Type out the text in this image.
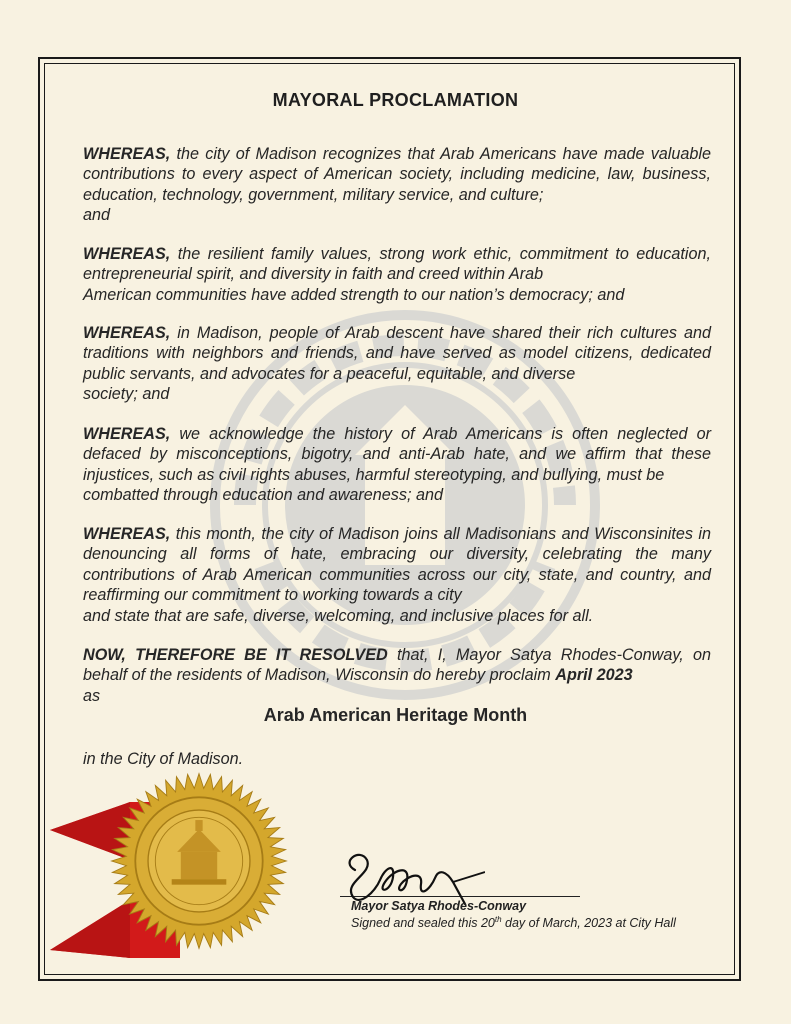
MAYORAL PROCLAMATION
WHEREAS, the city of Madison recognizes that Arab Americans have made valuable contributions to every aspect of American society, including medicine, law, business, education, technology, government, military service, and culture;
and
WHEREAS, the resilient family values, strong work ethic, commitment to education, entrepreneurial spirit, and diversity in faith and creed within Arab
American communities have added strength to our nation’s democracy; and
WHEREAS, in Madison, people of Arab descent have shared their rich cultures and traditions with neighbors and friends, and have served as model citizens, dedicated public servants, and advocates for a peaceful, equitable, and diverse
society; and
WHEREAS, we acknowledge the history of Arab Americans is often neglected or defaced by misconceptions, bigotry, and anti-Arab hate, and we affirm that these injustices, such as civil rights abuses, harmful stereotyping, and bullying, must be
combatted through education and awareness; and
WHEREAS, this month, the city of Madison joins all Madisonians and Wisconsinites in denouncing all forms of hate, embracing our diversity, celebrating the many contributions of Arab American communities across our city, state, and country, and reaffirming our commitment to working towards a city
and state that are safe, diverse, welcoming, and inclusive places for all.
NOW, THEREFORE BE IT RESOLVED that, I, Mayor Satya Rhodes-Conway, on behalf of the residents of Madison, Wisconsin do hereby proclaim April 2023
as
Arab American Heritage Month
in the City of Madison.
Mayor Satya Rhodes-Conway
Signed and sealed this 20th day of March, 2023 at City Hall
